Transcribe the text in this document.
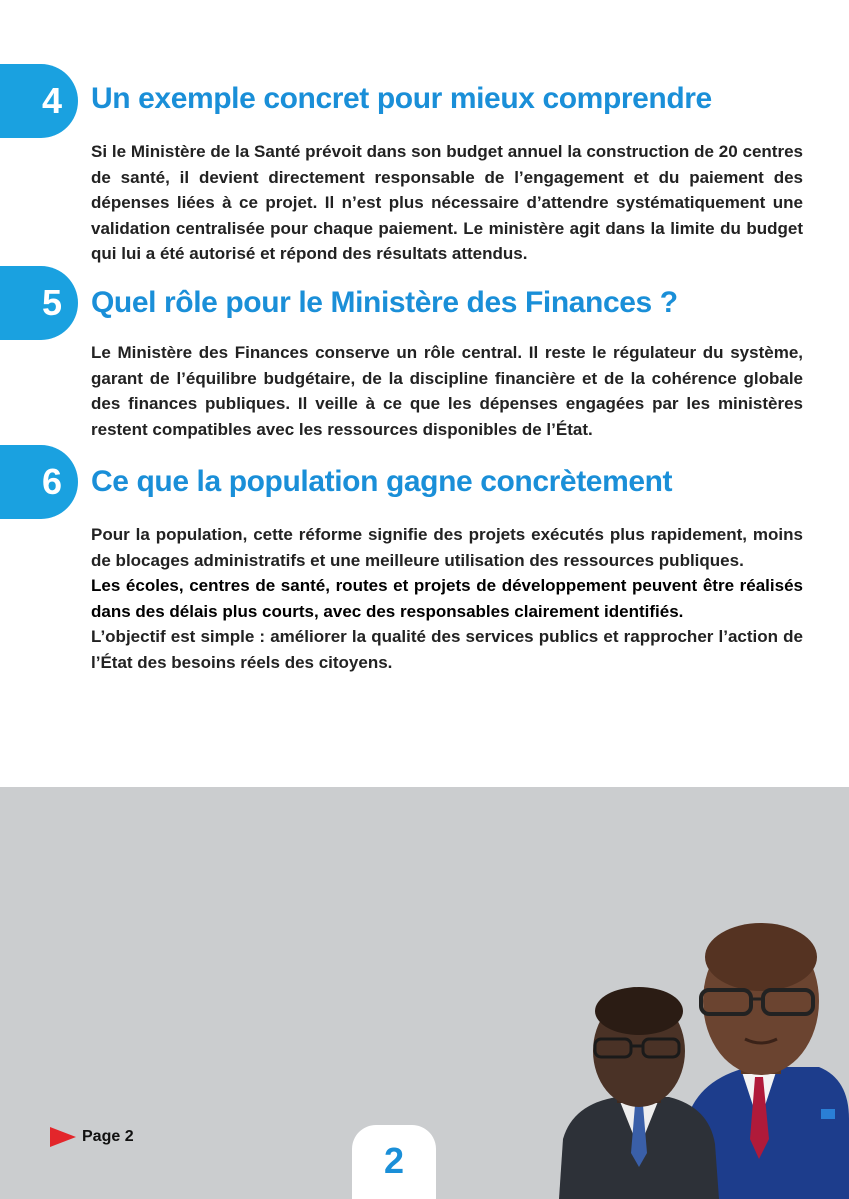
4 Un exemple concret pour mieux comprendre

Si le Ministère de la Santé prévoit dans son budget annuel la construction de 20 centres de santé, il devient directement responsable de l’engagement et du paiement des dépenses liées à ce projet. Il n’est plus nécessaire d’attendre systématiquement une validation centralisée pour chaque paiement. Le ministère agit dans la limite du budget qui lui a été autorisé et répond des résultats attendus.

5 Quel rôle pour le Ministère des Finances ?

Le Ministère des Finances conserve un rôle central. Il reste le régulateur du système, garant de l’équilibre budgétaire, de la discipline financière et de la cohérence globale des finances publiques. Il veille à ce que les dépenses engagées par les ministères restent compatibles avec les ressources disponibles de l’État.

6 Ce que la population gagne concrètement

Pour la population, cette réforme signifie des projets exécutés plus rapidement, moins de blocages administratifs et une meilleure utilisation des ressources publiques.

Les écoles, centres de santé, routes et projets de développement peuvent être réalisés dans des délais plus courts, avec des responsables clairement identifiés.

L’objectif est simple : améliorer la qualité des services publics et rapprocher l’action de l’État des besoins réels des citoyens.

Page 2
2
